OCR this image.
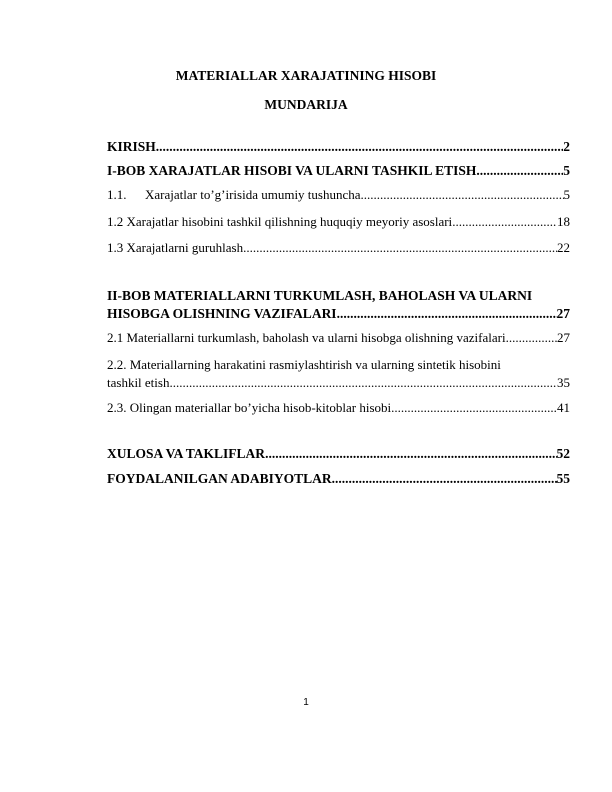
MATERIALLAR XARAJATINING HISOBI
MUNDARIJA
KIRISH .....	2
I-BOB XARAJATLAR HISOBI VA ULARNI TASHKIL ETISH .....	5
1.1. Xarajatlar to’g’irisida umumiy tushuncha .....	5
1.2 Xarajatlar hisobini tashkil qilishning huquqiy meyoriy asoslari .....	18
1.3 Xarajatlarni guruhlash .....	22
II-BOB MATERIALLARNI TURKUMLASH, BAHOLASH VA ULARNI
HISOBGA OLISHNING VAZIFALARI .....	27
2.1 Materiallarni turkumlash, baholash va ularni hisobga olishning vazifalari .....	27
2.2. Materiallarning harakatini rasmiylashtirish va ularning sintetik hisobini
tashkil etish .....	35
2.3. Olingan materiallar bo’yicha hisob-kitoblar hisobi .....	41
XULOSA VA TAKLIFLAR .....	52
FOYDALANILGAN ADABIYOTLAR .....	55
1
